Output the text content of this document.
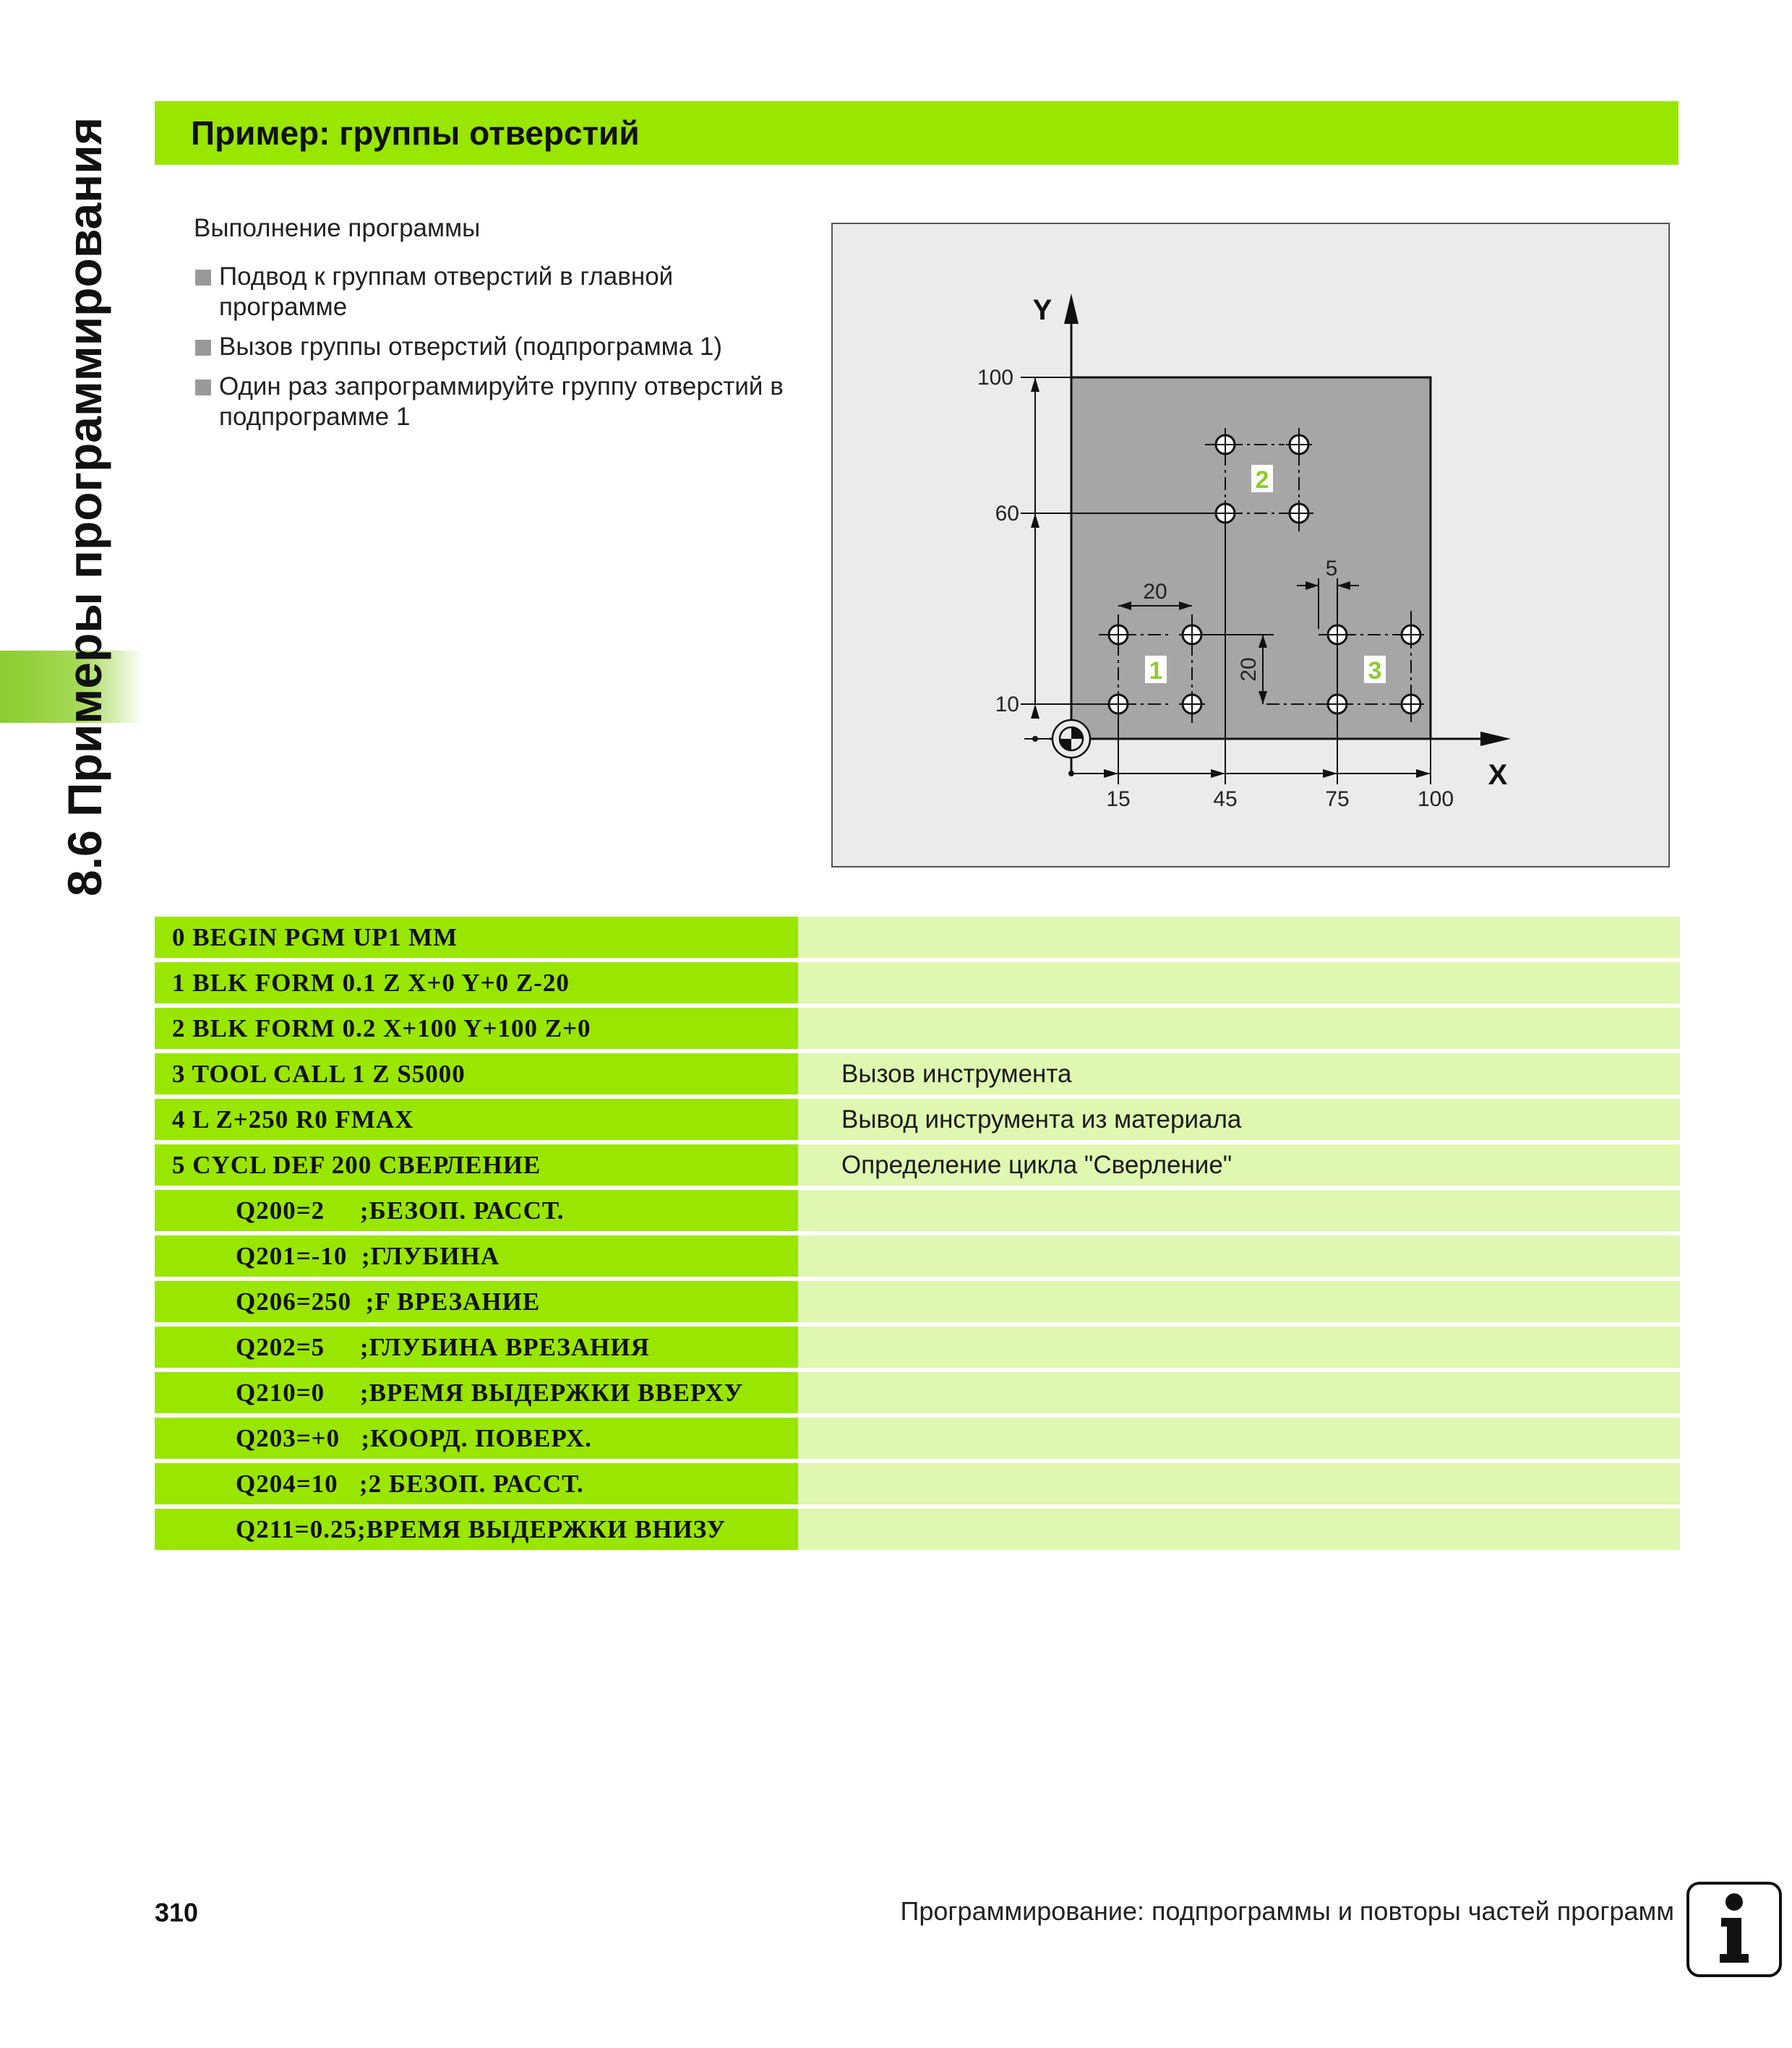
8.6 Примеры программирования Пример: группы отверстий
Выполнение программы
Подвод к группам отверстий в главной программе
Вызов группы отверстий (подпрограмма 1)
Один раз запрограммируйте группу отверстий в подпрограмме 1
Y
X
100
60
10
15	45	75	100
20
20
5
1
2
3
0 BEGIN PGM UP1 MM
1 BLK FORM 0.1 Z X+0 Y+0 Z-20
2 BLK FORM 0.2 X+100 Y+100 Z+0
3 TOOL CALL 1 Z S5000	Вызов инструмента
4 L Z+250 R0 FMAX	Вывод инструмента из материала
5 CYCL DEF 200 СВЕРЛЕНИЕ	Определение цикла "Сверление"
Q200=2     ;БЕЗОП. РАССТ.
Q201=-10  ;ГЛУБИНА
Q206=250  ;F ВРЕЗАНИЕ
Q202=5     ;ГЛУБИНА ВРЕЗАНИЯ
Q210=0     ;ВРЕМЯ ВЫДЕРЖКИ ВВЕРХУ
Q203=+0   ;КООРД. ПОВЕРХ.
Q204=10   ;2 БЕЗОП. РАССТ.
Q211=0.25;ВРЕМЯ ВЫДЕРЖКИ ВНИЗУ
310	Программирование: подпрограммы и повторы частей программ
